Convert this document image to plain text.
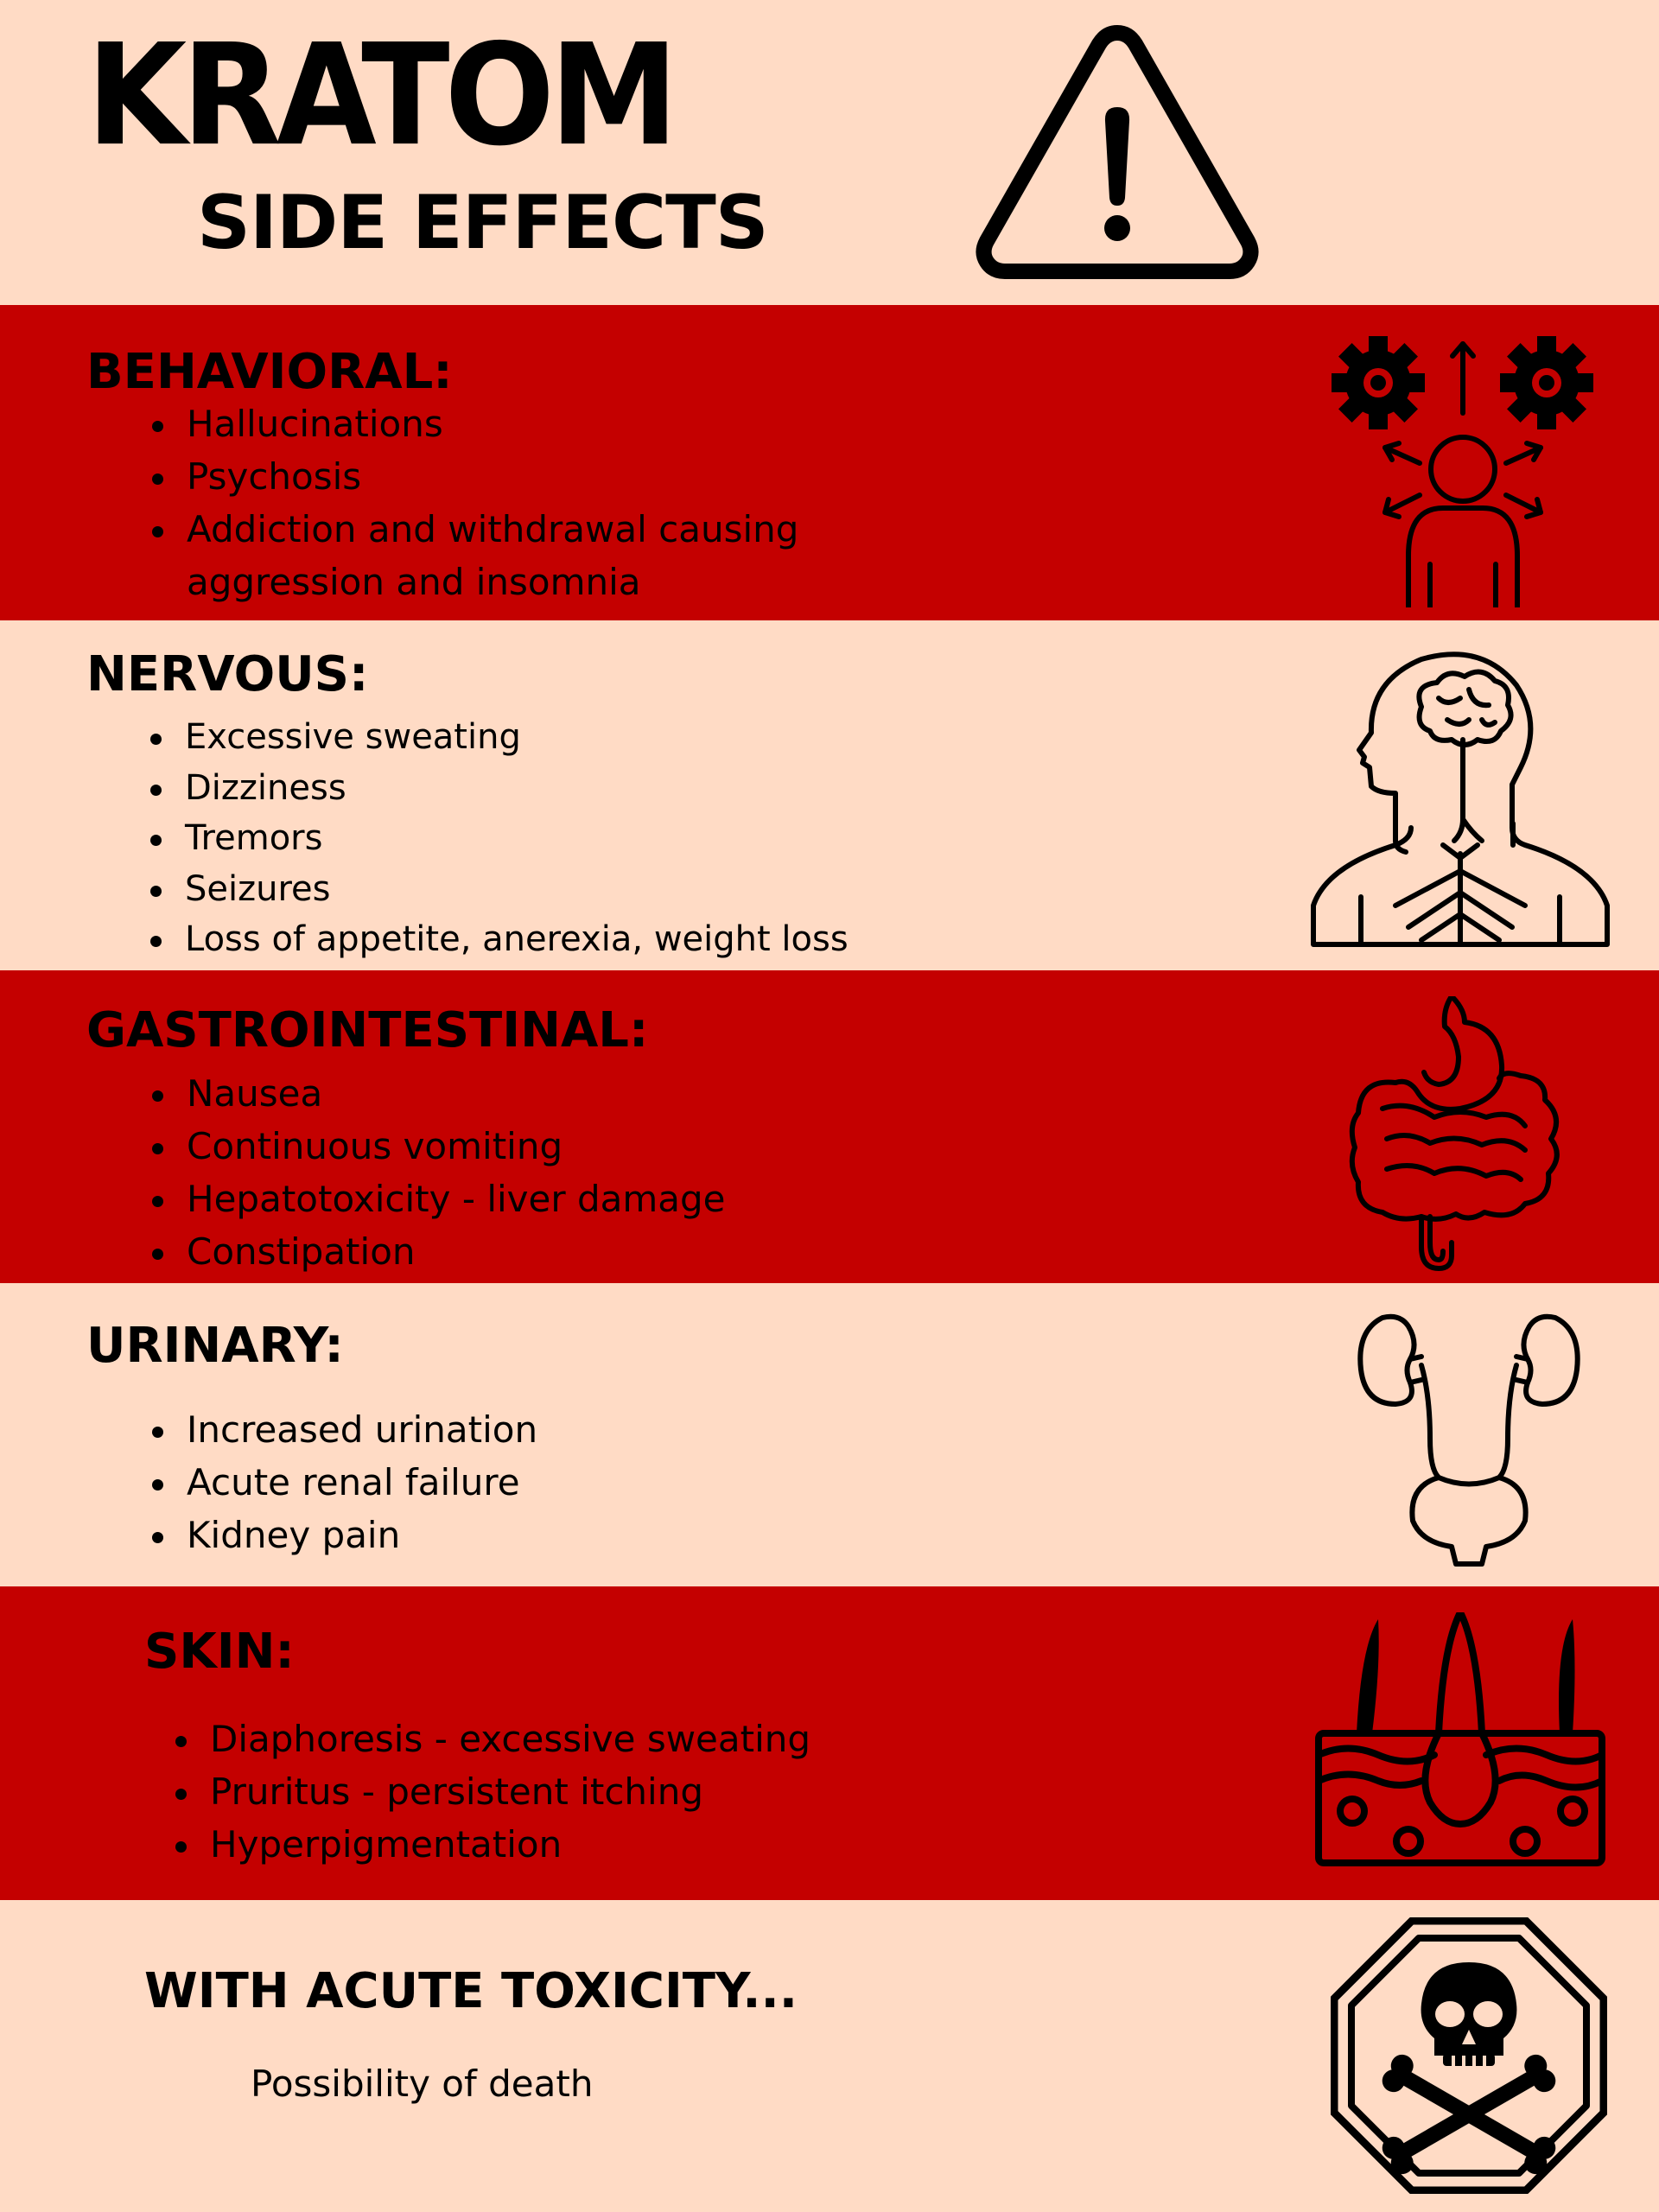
KRATOM
SIDE EFFECTS
BEHAVIORAL:
Hallucinations
Psychosis
Addiction and withdrawal causing aggression and insomnia
NERVOUS:
Excessive sweating
Dizziness
Tremors
Seizures
Loss of appetite, anerexia, weight loss
GASTROINTESTINAL:
Nausea
Continuous vomiting
Hepatotoxicity - liver damage
Constipation
URINARY:
Increased urination
Acute renal failure
Kidney pain
SKIN:
Diaphoresis - excessive sweating
Pruritus - persistent itching
Hyperpigmentation
WITH ACUTE TOXICITY...
Possibility of death
